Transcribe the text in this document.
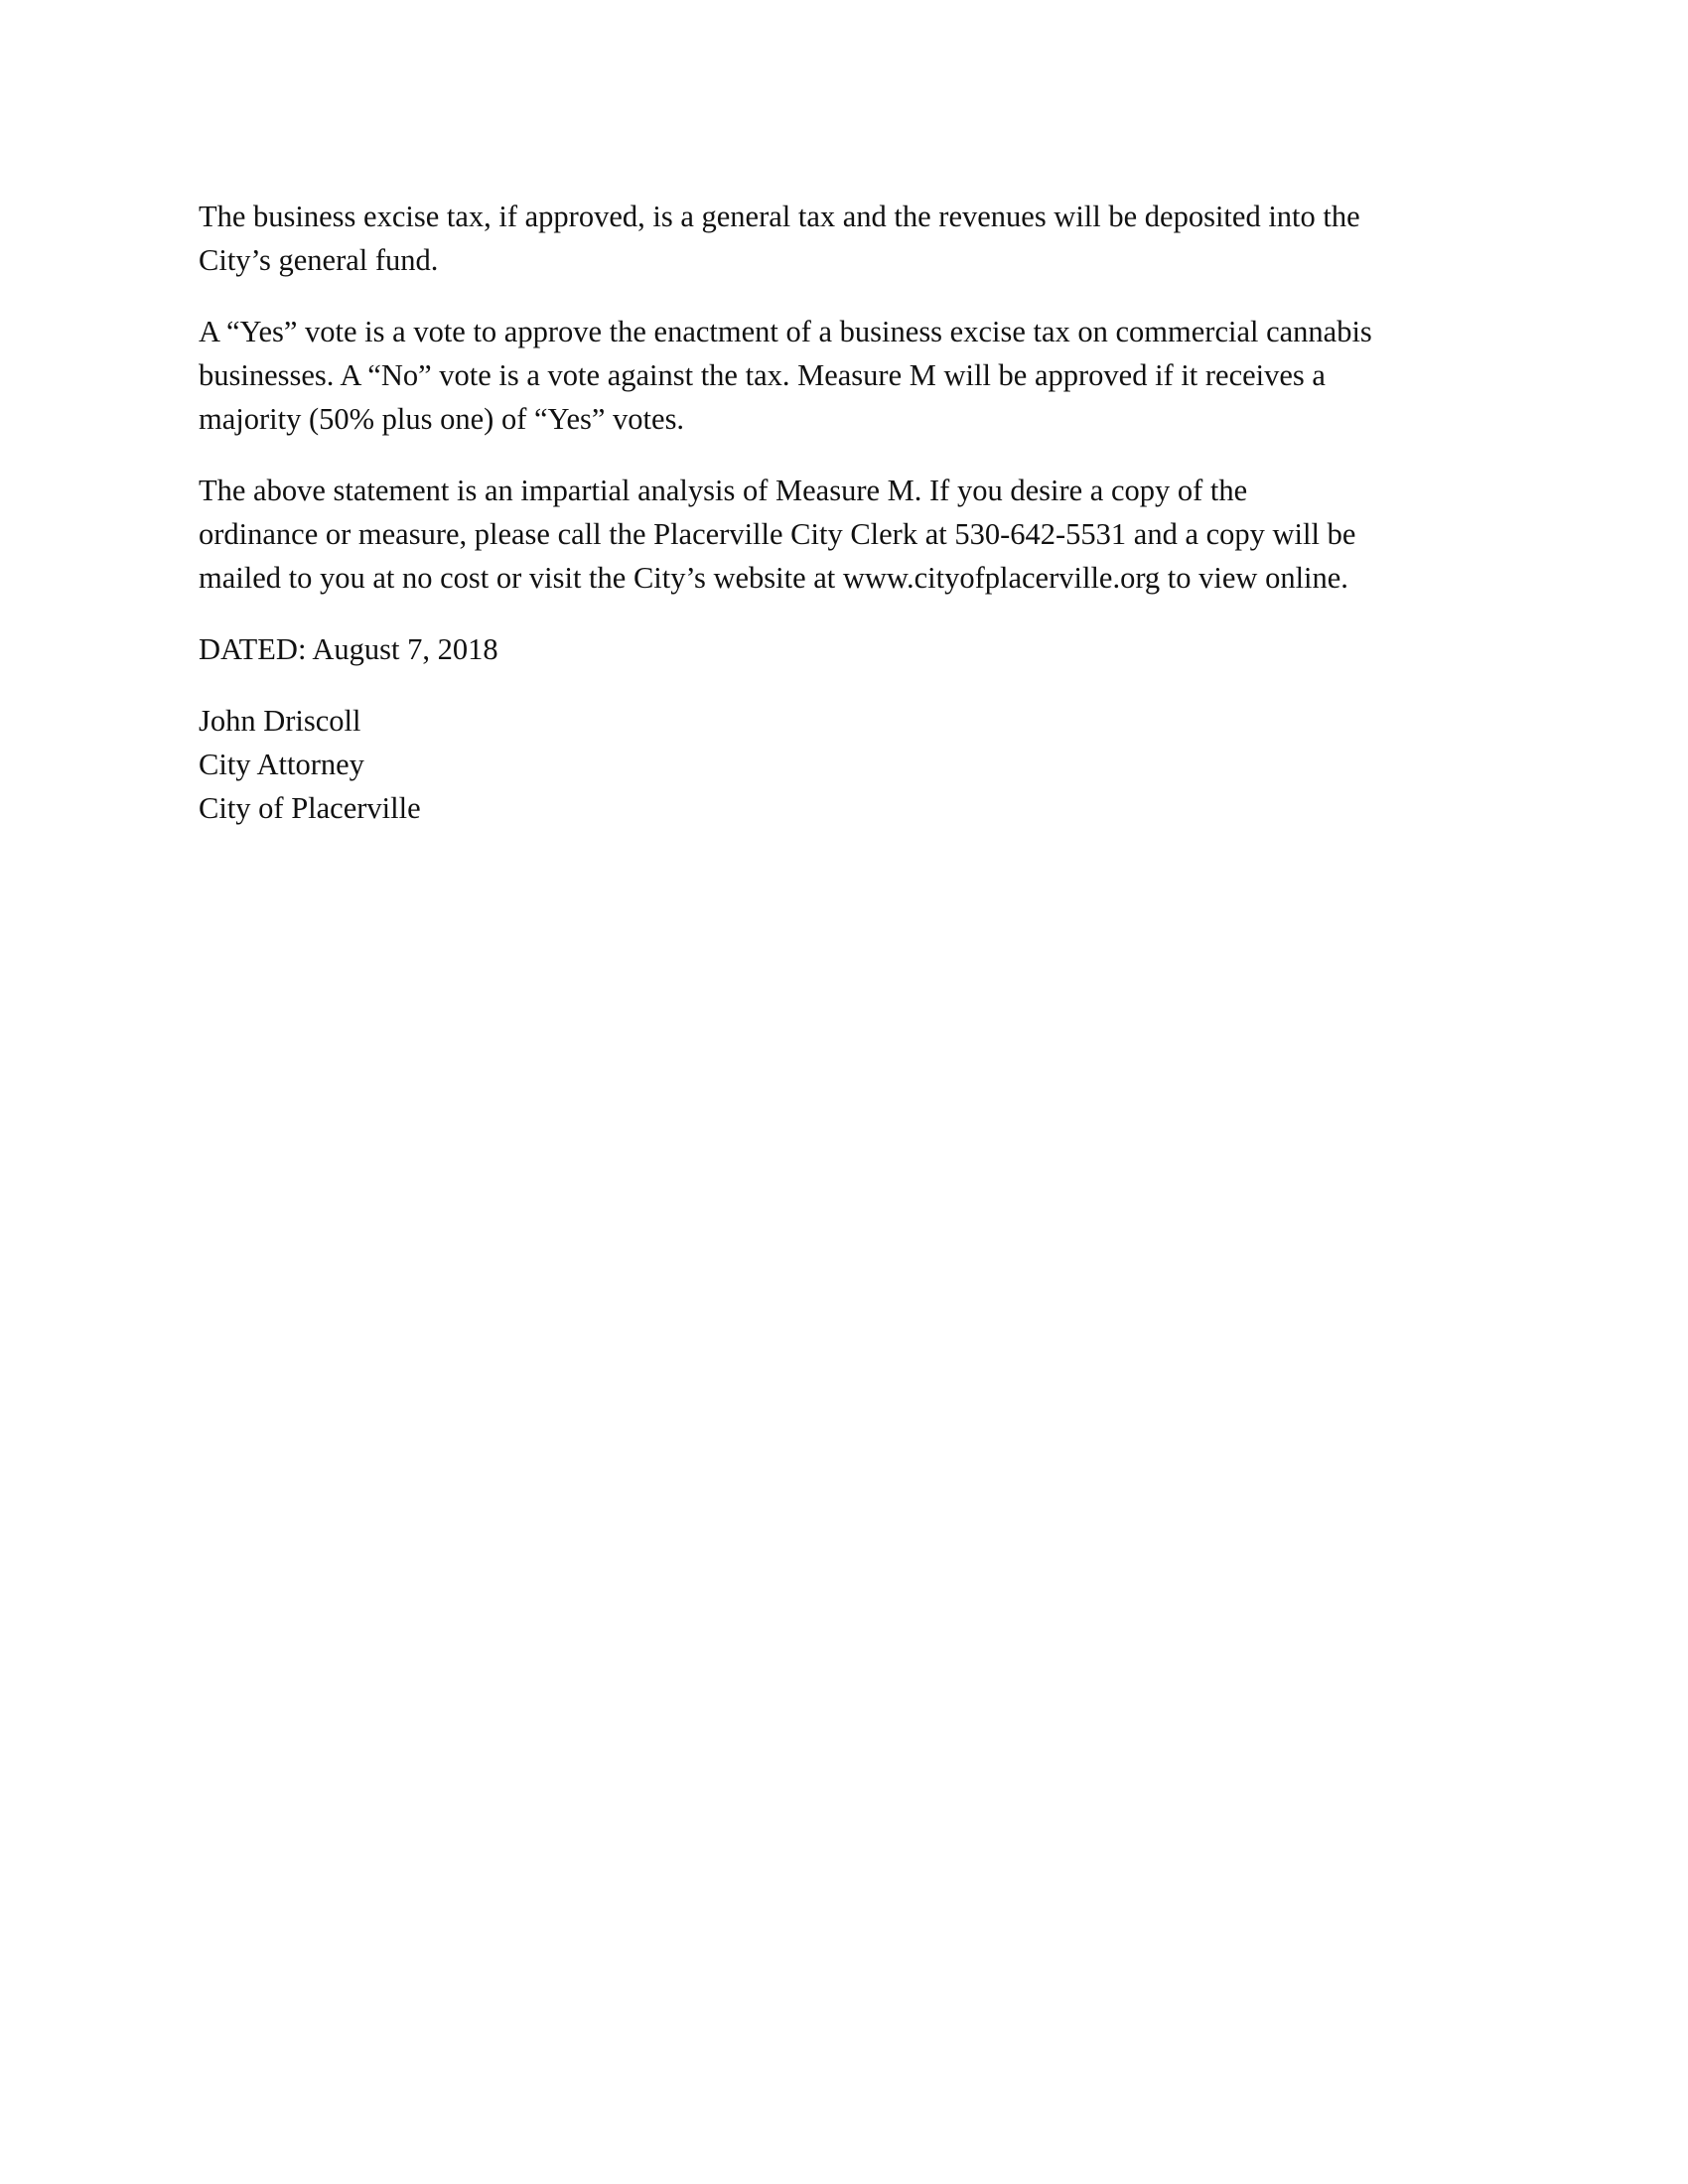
The business excise tax, if approved, is a general tax and the revenues will be deposited into the
City’s general fund.

A “Yes” vote is a vote to approve the enactment of a business excise tax on commercial cannabis
businesses. A “No” vote is a vote against the tax. Measure M will be approved if it receives a
majority (50% plus one) of “Yes” votes.

The above statement is an impartial analysis of Measure M. If you desire a copy of the
ordinance or measure, please call the Placerville City Clerk at 530-642-5531 and a copy will be
mailed to you at no cost or visit the City’s website at www.cityofplacerville.org to view online.

DATED: August 7, 2018

John Driscoll
City Attorney
City of Placerville
